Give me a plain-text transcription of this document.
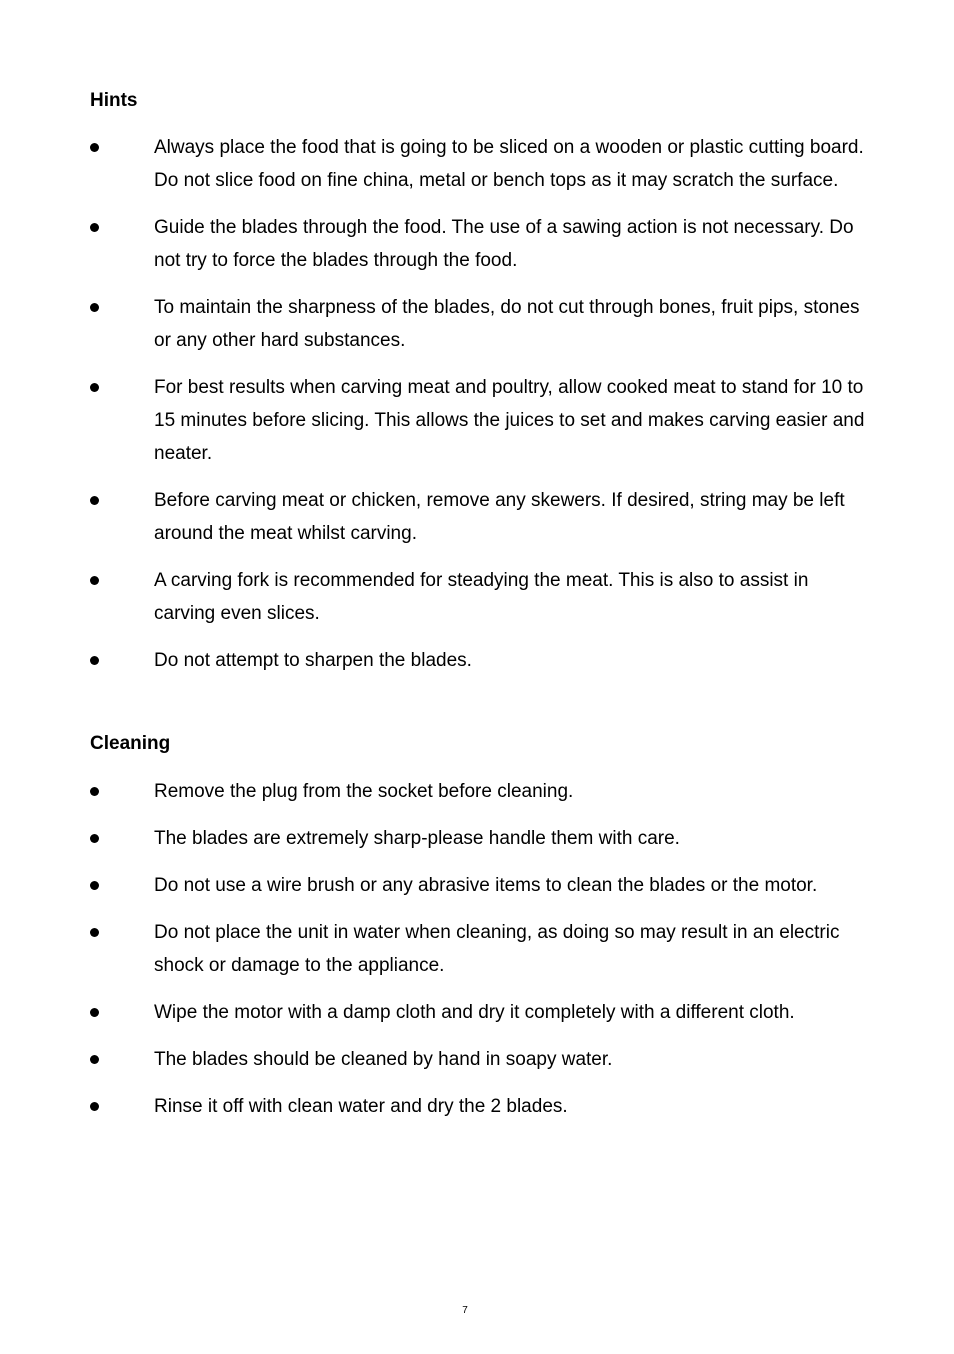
Hints
Always place the food that is going to be sliced on a wooden or plastic cutting board. Do not slice food on fine china, metal or bench tops as it may scratch the surface.
Guide the blades through the food. The use of a sawing action is not necessary. Do not try to force the blades through the food.
To maintain the sharpness of the blades, do not cut through bones, fruit pips, stones or any other hard substances.
For best results when carving meat and poultry, allow cooked meat to stand for 10 to 15 minutes before slicing. This allows the juices to set and makes carving easier and neater.
Before carving meat or chicken, remove any skewers. If desired, string may be left around the meat whilst carving.
A carving fork is recommended for steadying the meat. This is also to assist in carving even slices.
Do not attempt to sharpen the blades.
Cleaning
Remove the plug from the socket before cleaning.
The blades are extremely sharp-please handle them with care.
Do not use a wire brush or any abrasive items to clean the blades or the motor.
Do not place the unit in water when cleaning, as doing so may result in an electric shock or damage to the appliance.
Wipe the motor with a damp cloth and dry it completely with a different cloth.
The blades should be cleaned by hand in soapy water.
Rinse it off with clean water and dry the 2 blades.
7
